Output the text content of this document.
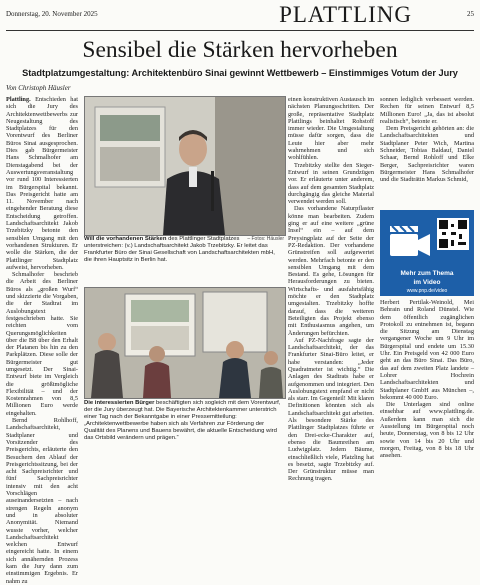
Donnerstag, 20. November 2025	PLATTLING	25
Sensibel die Stärken hervorheben
Stadtplatzumgestaltung: Architektenbüro Sinai gewinnt Wettbewerb – Einstimmiges Votum der Jury
Von Christoph Häusler

Plattling. Entschieden hat sich die Jury des Architektenwettbewerbs zur Neugestaltung des Stadtplatzes für den Vorentwurf des Berliner Büros Sinai ausgesprochen. Dies gab Bürgermeister Hans Schmalhofer am Dienstagabend bei der Auswertungsveranstaltung vor rund 100 Interessierten im Bürgerspital bekannt. Das Preisgericht hatte am 11. November nach eingehender Beratung diese Entscheidung getroffen. Landschaftsarchitekt Jakob Trzebitzky betonte den sensiblen Umgang mit den vorhandenen Strukturen. Er wolle die Stärken, die der Plattlinger Stadtplatz aufweist, hervorheben.

Schmalhofer beschrieb die Arbeit des Berliner Büros als „großen Wurf“ und skizzierte die Vorgaben, die der Stadtrat im Auslobungstext festgeschrieben hatte. Sie reichten vom Querungsmöglichkeiten über die B8 über den Erhalt der Platanen bis hin zu den Parkplätzen. Diese solle der Bürgermeister gut umgesetzt. Der Sinai-Entwurf biete im Vergleich die größtmögliche Flexibilität – und der Kostenrahmen von 8,5 Millionen Euro werde eingehalten.

Bernd Rohlhoff, Landschaftsarchitekt, Stadtplaner und Vorsitzender des Preisgerichts, erläuterte den Besuchern den Ablauf der Preisgerichtssitzung, bei der acht Sachpreisrichter und fünf Sachpreisrichter intensiv mit den acht Vorschlägen auseinandersetzten – nach strengen Regeln anonym und in absoluter Anonymität. Niemand wusste vorher, welcher Landschaftsarchitekt welchen Entwurf eingereicht hatte. In einem sich annähernden Prozess kam die Jury dann zum einstimmigen Ergebnis. Er nahm zu

– Fotos: Häusler
Will die vorhandenen Stärken des Plattlinger Stadtplatzes unterstreichen: (v.) Landschaftsarchitekt Jakob Trzebitzky. Er leitet das Frankfurter Büro der Sinai Gesellschaft von Landschaftsarchitekten mbH, die ihren Hauptsitz in Berlin hat.
Die interessierten Bürger beschäftigten sich sogleich mit dem Vorentwurf, der die Jury überzeugt hat. Die Bayerische Architektenkammer unterstrich einer Tag nach der Bekanntgabe in einer Pressemitteilung: „Architektenwettbewerbe haben sich als Verfahren zur Förderung der Qualität des Planens und Bauens bewährt, die aktuelle Entscheidung wird das Ortsbild verändern und prägen.“

einen konstruktiven Austausch im nächsten Planungsschritten. Der große, repräsentative Stadtplatz Plattlings beinhaltet Rohstoff immer wieder. Die Umgestaltung müsse dafür sorgen, dass die Leute hier aber mehr wahrnehmen und sich wohlfühlen.

Trzebitzky stellte den Sieger-Entwurf in seinen Grundzügen vor. Er erläuterte unter anderem, dass auf dem gesamten Stadtplatz durchgängig das gleiche Material verwendet werden soll.

Das vorhandene Naturpflaster könne man bearbeiten. Zudem ging er auf eine weitere „grüne Insel“ ein – auf dem Preysingplatz auf der Seite der PZ-Redaktion. Der vorhandene Grünstreifen soll aufgewertet werden. Mehrfach betonte er den sensiblen Umgang mit dem Bestand. Es gehe, Lösungen für Herausforderungen zu bieten. Wirtschafts- und ausfahrtsfähig möchte er den Stadtplatz umgestalten. Trzebitzky hoffte darauf, dass die weiteren Beteiligten das Projekt ebenso mit Enthusiasmus angehen, um Änderungen befürchten.

Auf PZ-Nachfrage sagte der Landschaftsarchitekt, der das Frankfurter Sinai-Büro leitet, er habe verstanden: „Jeder Quadratmeter ist wichtig.“ Die Anlagen des Stadtrats habe er aufgenommen und integriert. Den Auslobungstext empfand er nicht als starr. Im Gegenteil! Mit klaren Definitionen könnten sich als Landschaftsarchitekt gut arbeiten. Als besondere Stärke des Plattlinger Stadtplatzes führte er den Drei-ecke-Charakter auf, ebenso die Baumreihen am Ludwigplatz. Jedem Bäume, einschließlich viele, Platzling hat es besetzt, sagte Trzebitzky auf. Der Grünstruktur müsse man Rechnung tragen.

sonnen lediglich verbessert werden. Rechen für seinen Entwurf 8,5 Millionen Euro! „Ja, das ist absolut realistisch“, betonte er.

Dem Preisgericht gehörten an: die Landschaftsarchitekten und Stadtplaner Peter Wich, Martina Schneider, Tobias Baldauf, Daniel Schaar, Bernd Rohloff und Elke Berger, Sachpreisrichter waren Bürgermeister Hans Schmalhofer und die Stadträtin Markus Schmid,

Mehr zum Thema
im Video
www.pnp.de/video

Herbert Pertilak-Weinold, Mei Behrain und Roland Dünstel. Wie dem öffentlich zugänglichen Protokoll zu entnehmen ist, begann die Sitzung am Dienstag vergangener Woche um 9 Uhr im Bürgerspital und endete um 15.30 Uhr. Ein Preisgeld von 42 000 Euro geht an das Büro Sinai. Das Büro, das auf dem zweiten Platz landete – Lohrer Hochrein Landschaftsarchitekten und Stadtplaner GmbH aus München –, bekommt 40 000 Euro.

Die Unterlagen sind online einsehbar auf www.plattling.de. Außerdem kann man sich die Ausstellung im Bürgerspital noch heute, Donnerstag, von 8 bis 12 Uhr sowie von 14 bis 20 Uhr und morgen, Freitag, von 8 bis 18 Uhr ansehen.
